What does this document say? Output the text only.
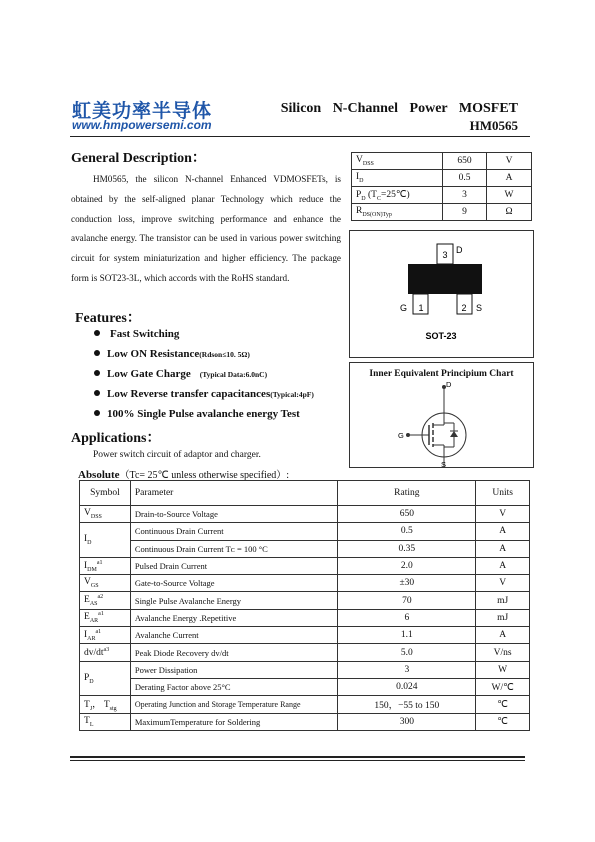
虹美功率半导体
www.hmpowersemi.com
Silicon N-Channel Power MOSFET
HM0565
General Description：

HM0565, the silicon N-channel Enhanced VDMOSFETs, is obtained by the self-aligned planar Technology which reduce the conduction loss, improve switching performance and enhance the avalanche energy. The transistor can be used in various power switching circuit for system miniaturization and higher efficiency. The package form is SOT23-3L, which accords with the RoHS standard.

$V_{DSS}$	650	V
$I_D$	0.5	A
$P_D$ $(T_C=25℃)$	3	W
$R_{DS(ON)Typ}$	9	Ω
3 D
1	2
G	S
SOT-23
Inner Equivalent Principium Chart
D
G
S
Features：
Fast Switching
Low ON Resistance(Rdson≤10. 5Ω)
Low Gate Charge (Typical Data:6.0nC)
Low Reverse transfer capacitances(Typical:4pF)
100% Single Pulse avalanche energy Test
Applications：
Power switch circuit of adaptor and charger.
Absolute（Tc= 25℃ unless otherwise specified）:
Symbol	Parameter	Rating	Units
$V_{DSS}$	Drain-to-Source Voltage	650	V
$I_D$	Continuous Drain Current	0.5	A
	Continuous Drain Current Tᴄ = 100 °C	0.35	A
$I_{DM}^{a1}$	Pulsed Drain Current	2.0	A
$V_{GS}$	Gate-to-Source Voltage	±30	V
$E_{AS}^{a2}$	Single Pulse Avalanche Energy	70	mJ
$E_{AR}^{a1}$	Avalanche Energy .Repetitive	6	mJ
$I_{AR}^{a1}$	Avalanche Current	1.1	A
$dv/dt^{a3}$	Peak Diode Recovery dv/dt	5.0	V/ns
$P_D$	Power Dissipation	3	W
	Derating Factor above 25°C	0.024	W/℃
$T_J$， $T_{stg}$	Operating Junction and Storage Temperature Range	150，−55 to 150	℃
$T_L$	MaximumTemperature for Soldering	300	℃
